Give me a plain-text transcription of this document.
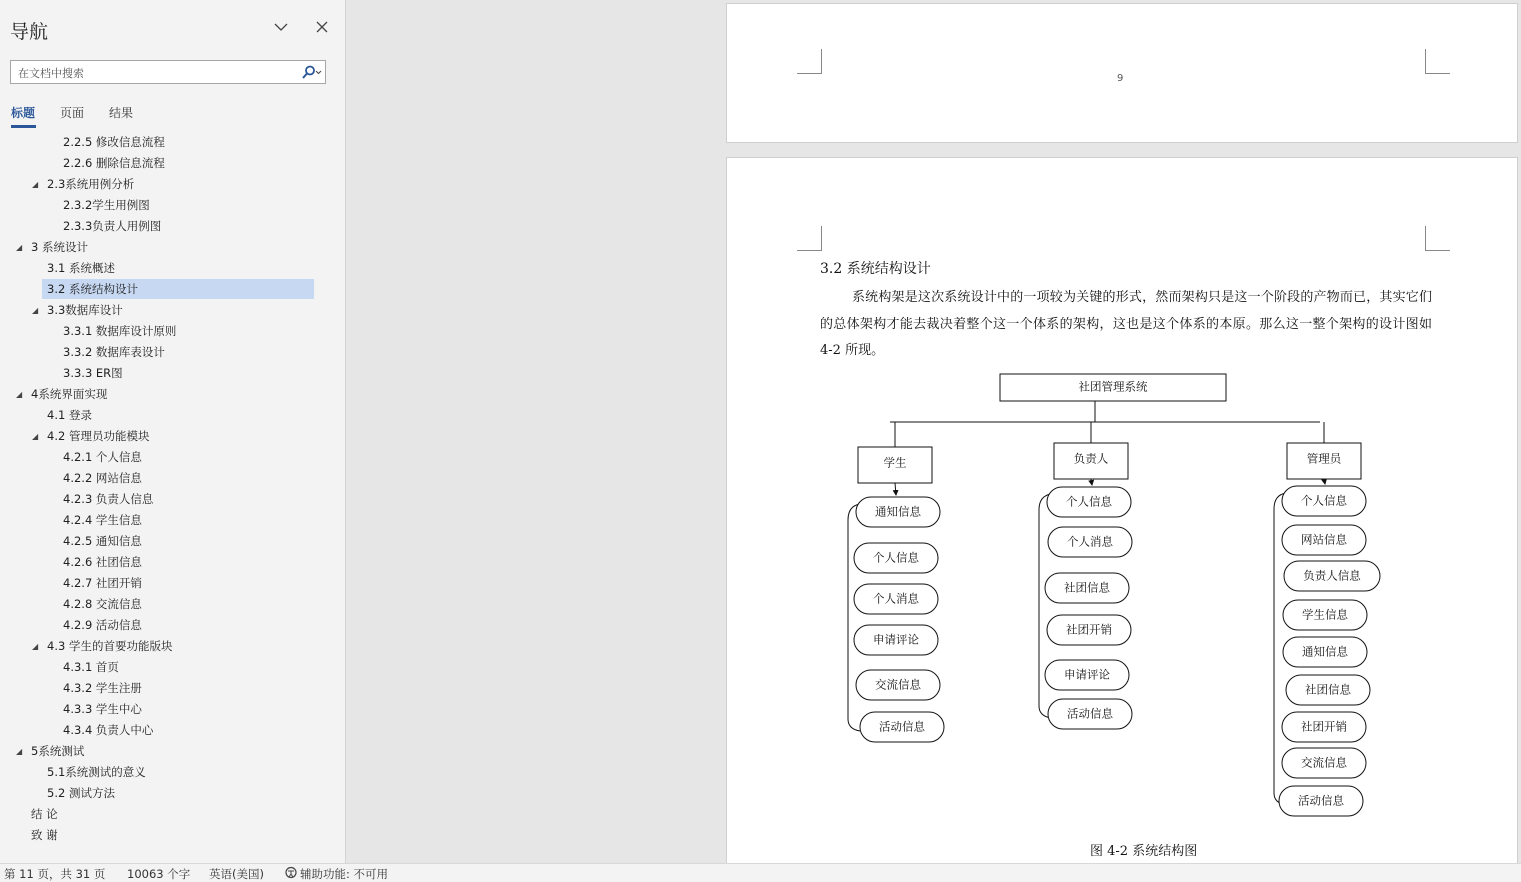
导航
在文档中搜索
标题 页面 结果
2.2.5 修改信息流程
2.2.6 删除信息流程
◢ 2.3系统用例分析
2.3.2学生用例图
2.3.3负责人用例图
◢ 3 系统设计
3.1 系统概述
3.2 系统结构设计
◢ 3.3数据库设计
3.3.1 数据库设计原则
3.3.2 数据库表设计
3.3.3 ER图
◢ 4系统界面实现
4.1 登录
◢ 4.2 管理员功能模块
4.2.1 个人信息
4.2.2 网站信息
4.2.3 负责人信息
4.2.4 学生信息
4.2.5 通知信息
4.2.6 社团信息
4.2.7 社团开销
4.2.8 交流信息
4.2.9 活动信息
◢ 4.3 学生的首要功能版块
4.3.1 首页
4.3.2 学生注册
4.3.3 学生中心
4.3.4 负责人中心
◢ 5系统测试
5.1系统测试的意义
5.2 测试方法
结 论
致 谢
9
3.2 系统结构设计
系统构架是这次系统设计中的一项较为关键的形式，然而架构只是这一个阶段的产物而已，其实它们的总体架构才能去裁决着整个这一个体系的架构，这也是这个体系的本原。那么这一整个架构的设计图如 4-2 所现。
社团管理系统
学生
通知信息
个人信息
个人消息
申请评论
交流信息
活动信息
负责人
个人信息
个人消息
社团信息
社团开销
申请评论
活动信息
管理员
个人信息
网站信息
负责人信息
学生信息
通知信息
社团信息
社团开销
交流信息
活动信息
图 4-2 系统结构图
第 11 页，共 31 页 10063 个字 英语(美国)	辅助功能: 不可用
